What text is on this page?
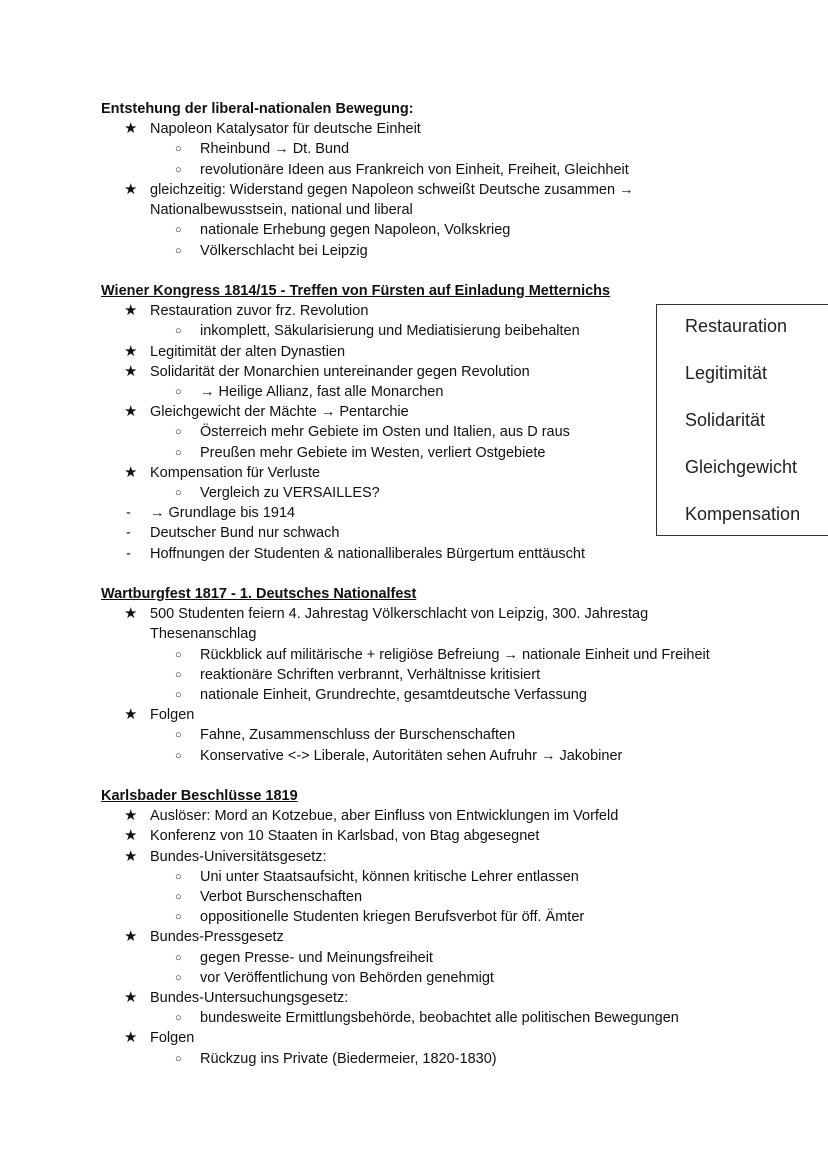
Entstehung der liberal-nationalen Bewegung:
★ Napoleon Katalysator für deutsche Einheit
○ Rheinbund → Dt. Bund
○ revolutionäre Ideen aus Frankreich von Einheit, Freiheit, Gleichheit
★ gleichzeitig: Widerstand gegen Napoleon schweißt Deutsche zusammen →
Nationalbewusstsein, national und liberal
○ nationale Erhebung gegen Napoleon, Volkskrieg
○ Völkerschlacht bei Leipzig
Wiener Kongress 1814/15 - Treffen von Fürsten auf Einladung Metternichs
★ Restauration zuvor frz. Revolution
○ inkomplett, Säkularisierung und Mediatisierung beibehalten
★ Legitimität der alten Dynastien
★ Solidarität der Monarchien untereinander gegen Revolution
○ → Heilige Allianz, fast alle Monarchen
★ Gleichgewicht der Mächte → Pentarchie
○ Österreich mehr Gebiete im Osten und Italien, aus D raus
○ Preußen mehr Gebiete im Westen, verliert Ostgebiete
★ Kompensation für Verluste
○ Vergleich zu VERSAILLES?
- → Grundlage bis 1914
- Deutscher Bund nur schwach
- Hoffnungen der Studenten & nationalliberales Bürgertum enttäuscht
Restauration
Legitimität
Solidarität
Gleichgewicht
Kompensation
Wartburgfest 1817 - 1. Deutsches Nationalfest
★ 500 Studenten feiern 4. Jahrestag Völkerschlacht von Leipzig, 300. Jahrestag
Thesenanschlag
○ Rückblick auf militärische + religiöse Befreiung → nationale Einheit und Freiheit
○ reaktionäre Schriften verbrannt, Verhältnisse kritisiert
○ nationale Einheit, Grundrechte, gesamtdeutsche Verfassung
★ Folgen
○ Fahne, Zusammenschluss der Burschenschaften
○ Konservative <-> Liberale, Autoritäten sehen Aufruhr → Jakobiner
Karlsbader Beschlüsse 1819
★ Auslöser: Mord an Kotzebue, aber Einfluss von Entwicklungen im Vorfeld
★ Konferenz von 10 Staaten in Karlsbad, von Btag abgesegnet
★ Bundes-Universitätsgesetz:
○ Uni unter Staatsaufsicht, können kritische Lehrer entlassen
○ Verbot Burschenschaften
○ oppositionelle Studenten kriegen Berufsverbot für öff. Ämter
★ Bundes-Pressgesetz
○ gegen Presse- und Meinungsfreiheit
○ vor Veröffentlichung von Behörden genehmigt
★ Bundes-Untersuchungsgesetz:
○ bundesweite Ermittlungsbehörde, beobachtet alle politischen Bewegungen
★ Folgen
○ Rückzug ins Private (Biedermeier, 1820-1830)
